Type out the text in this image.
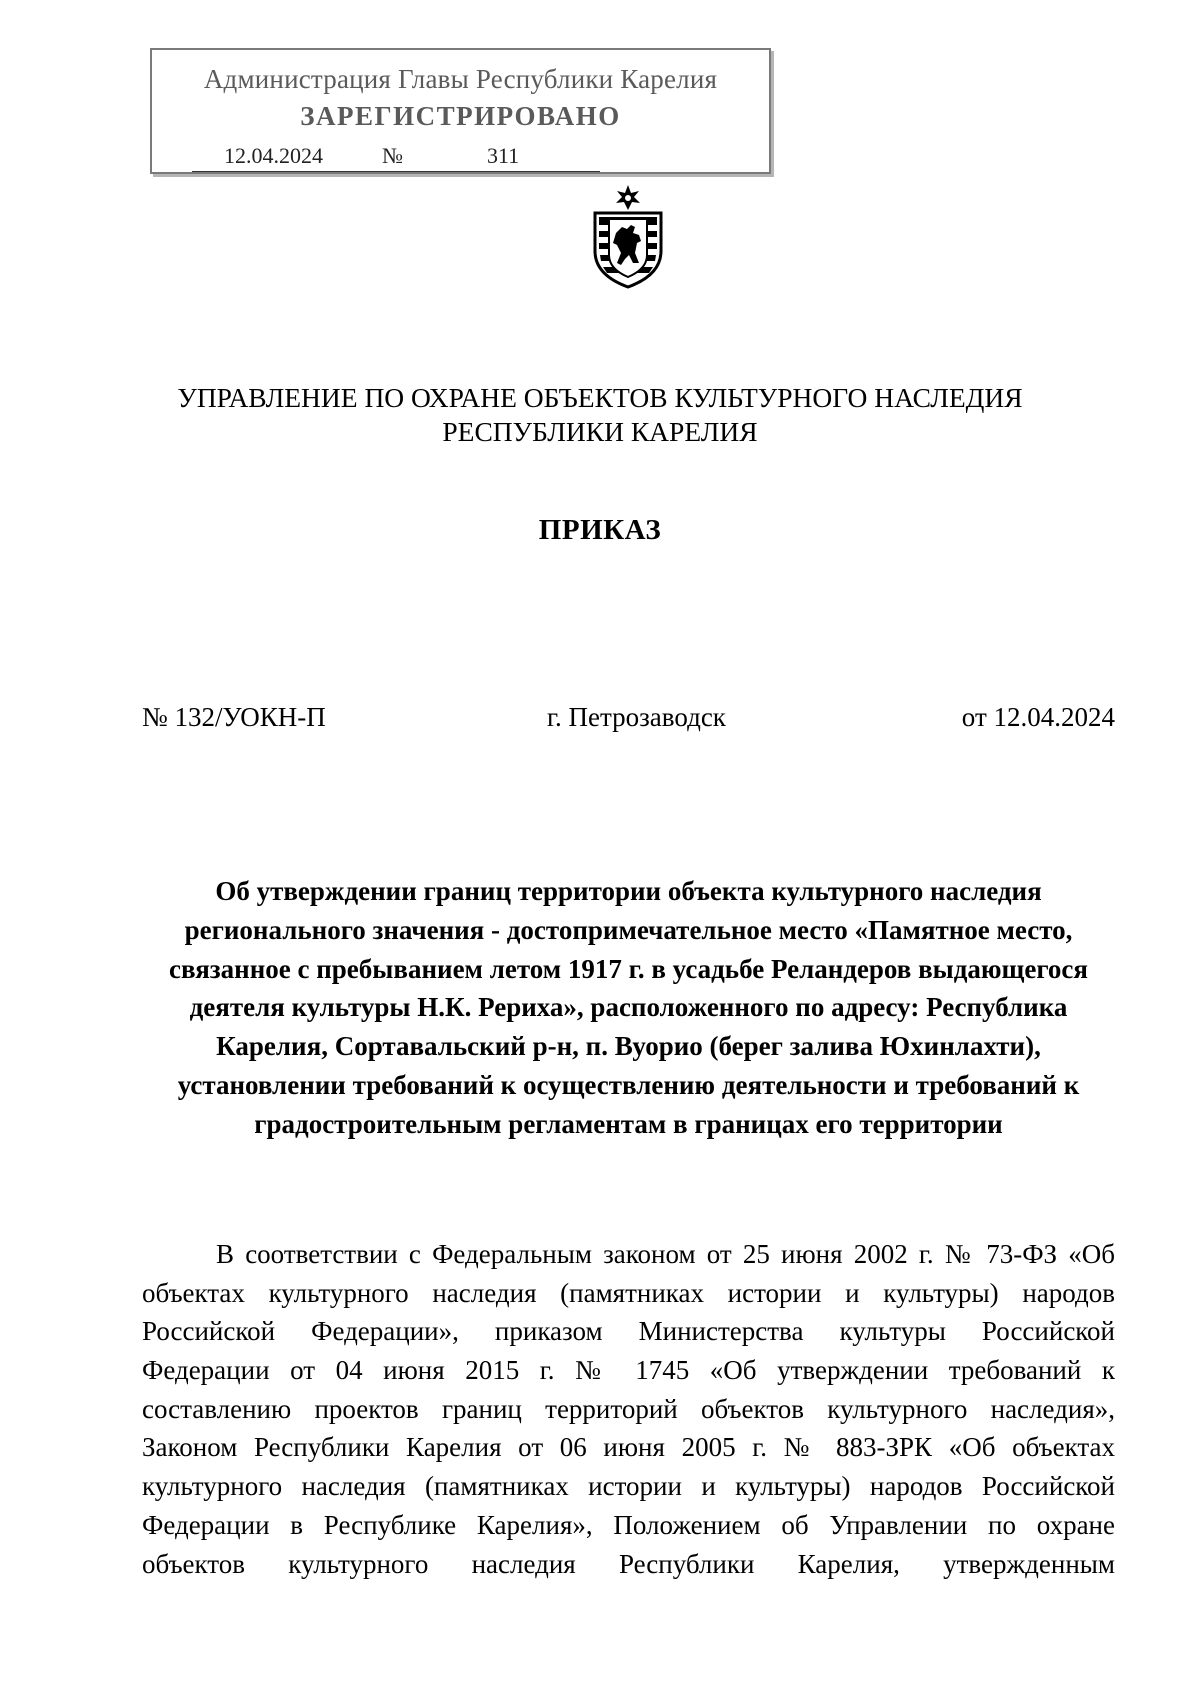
Администрация Главы Республики Карелия
ЗАРЕГИСТРИРОВАНО
12.04.2024	№	311
УПРАВЛЕНИЕ ПО ОХРАНЕ ОБЪЕКТОВ КУЛЬТУРНОГО НАСЛЕДИЯ
РЕСПУБЛИКИ КАРЕЛИЯ
ПРИКАЗ
№ 132/УОКН-П	г. Петрозаводск	от 12.04.2024
Об утверждении границ территории объекта культурного наследия
регионального значения - достопримечательное место «Памятное место,
связанное с пребыванием летом 1917 г. в усадьбе Реландеров выдающегося
деятеля культуры Н.К. Рериха», расположенного по адресу: Республика
Карелия, Сортавальский р-н, п. Вуорио (берег залива Юхинлахти),
установлении требований к осуществлению деятельности и требований к
градостроительным регламентам в границах его территории
В соответствии с Федеральным законом от 25 июня 2002 г. № 73-ФЗ «Об
объектах культурного наследия (памятниках истории и культуры) народов
Российской Федерации», приказом Министерства культуры Российской
Федерации от 04 июня 2015 г. № 1745 «Об утверждении требований к
составлению проектов границ территорий объектов культурного наследия»,
Законом Республики Карелия от 06 июня 2005 г. № 883-ЗРК «Об объектах
культурного наследия (памятниках истории и культуры) народов Российской
Федерации в Республике Карелия», Положением об Управлении по охране
объектов культурного наследия Республики Карелия, утвержденным
